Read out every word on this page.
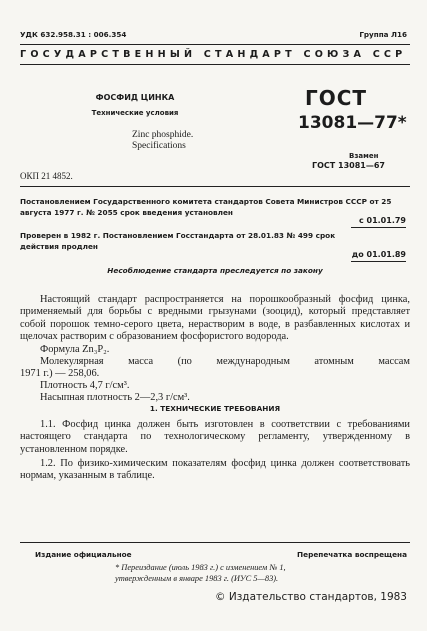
УДК 632.958.31 : 006.354	Группа Л16
ГОСУДАРСТВЕННЫЙ СТАНДАРТ СОЮЗА ССР
ФОСФИД ЦИНКА
Технические условия
Zinc phosphide.
Specifications
ГОСТ
13081—77*
Взамен
ГОСТ 13081—67
ОКП 21 4852.
Постановлением Государственного комитета стандартов Совета Министров СССР от 25 августа 1977 г. № 2055 срок введения установлен
с 01.01.79
Проверен в 1982 г. Постановлением Госстандарта от 28.01.83 № 499 срок действия продлен
до 01.01.89
Несоблюдение стандарта преследуется по закону
Настоящий стандарт распространяется на порошкообразный фосфид цинка, применяемый для борьбы с вредными грызунами (зооцид), который представляет собой порошок темно-серого цвета, нерастворим в воде, в разбавленных кислотах и щелочах растворим с образованием фосфористого водорода.
Формула Zn₃P₂.
Молекулярная масса (по международным атомным массам
1971 г.) — 258,06.
Плотность 4,7 г/см³.
Насыпная плотность 2—2,3 г/см³.
1. ТЕХНИЧЕСКИЕ ТРЕБОВАНИЯ
1.1. Фосфид цинка должен быть изготовлен в соответствии с требованиями настоящего стандарта по технологическому регламенту, утвержденному в установленном порядке.
1.2. По физико-химическим показателям фосфид цинка должен соответствовать нормам, указанным в таблице.
Издание официальное	Перепечатка воспрещена
* Переиздание (июль 1983 г.) с изменением № 1,
утвержденным в январе 1983 г. (ИУС 5—83).
© Издательство стандартов, 1983
